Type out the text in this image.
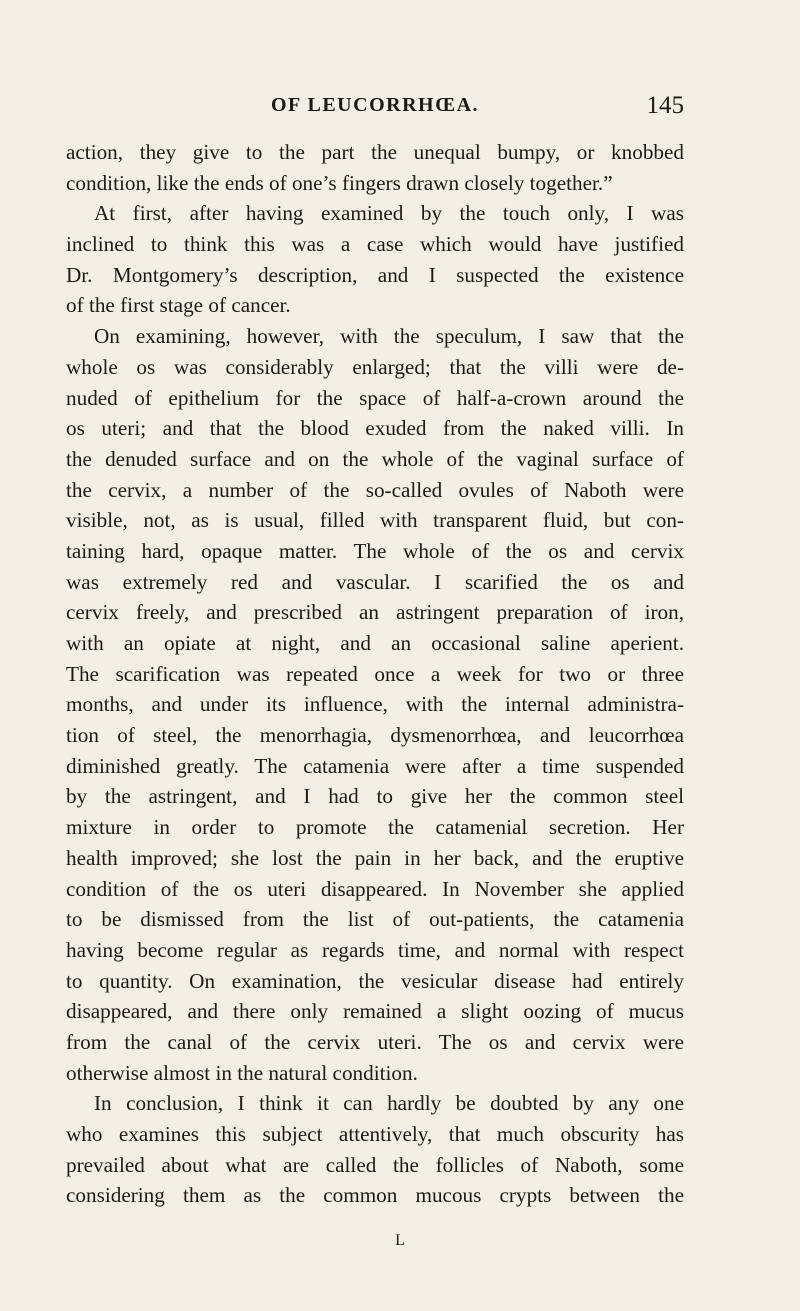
OF LEUCORRHŒA.	145
action, they give to the part the unequal bumpy, or knobbed
condition, like the ends of one’s fingers drawn closely together.”
At first, after having examined by the touch only, I was
inclined to think this was a case which would have justified
Dr. Montgomery’s description, and I suspected the existence
of the first stage of cancer.
On examining, however, with the speculum, I saw that the
whole os was considerably enlarged; that the villi were de-
nuded of epithelium for the space of half-a-crown around the
os uteri; and that the blood exuded from the naked villi. In
the denuded surface and on the whole of the vaginal surface of
the cervix, a number of the so-called ovules of Naboth were
visible, not, as is usual, filled with transparent fluid, but con-
taining hard, opaque matter. The whole of the os and cervix
was extremely red and vascular. I scarified the os and
cervix freely, and prescribed an astringent preparation of iron,
with an opiate at night, and an occasional saline aperient.
The scarification was repeated once a week for two or three
months, and under its influence, with the internal administra-
tion of steel, the menorrhagia, dysmenorrhœa, and leucorrhœa
diminished greatly. The catamenia were after a time suspended
by the astringent, and I had to give her the common steel
mixture in order to promote the catamenial secretion. Her
health improved; she lost the pain in her back, and the eruptive
condition of the os uteri disappeared. In November she applied
to be dismissed from the list of out-patients, the catamenia
having become regular as regards time, and normal with respect
to quantity. On examination, the vesicular disease had entirely
disappeared, and there only remained a slight oozing of mucus
from the canal of the cervix uteri. The os and cervix were
otherwise almost in the natural condition.
In conclusion, I think it can hardly be doubted by any one
who examines this subject attentively, that much obscurity has
prevailed about what are called the follicles of Naboth, some
considering them as the common mucous crypts between the
L
